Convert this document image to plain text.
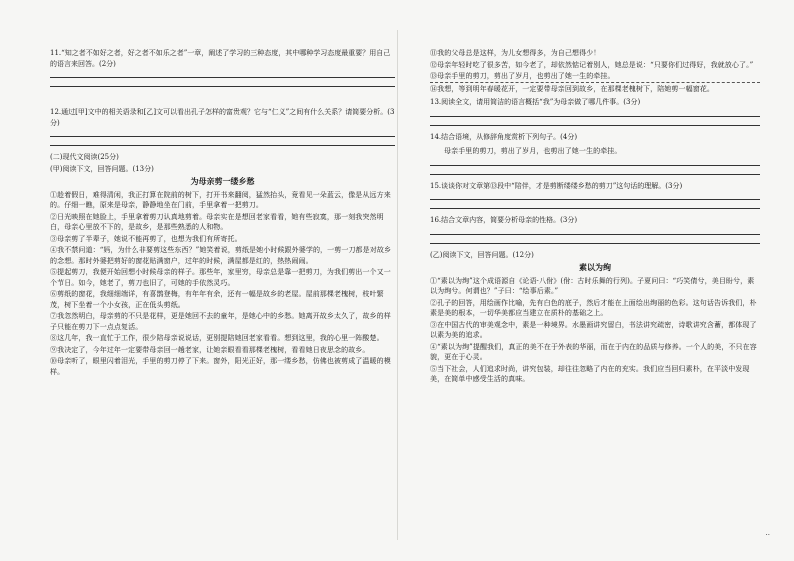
11.“知之者不如好之者，好之者不如乐之者”一章，阐述了学习的三种态度，其中哪种学习态度最重要？用自己的语言来回答。(2分)
12.通过[甲]文中的相关语录和[乙]文可以看出孔子怎样的富贵观？它与“仁义”之间有什么关系？请简要分析。(3分)
(二)现代文阅读(25分)
(甲)阅读下文，回答问题。(13分)
为母亲剪一缕乡愁
①趁着假日，难得清闲，我正打算在院前的树下，打开书来翻阅，猛然抬头，竟看见一朵蓝云，像是从远方来的。仔细一瞧，原来是母亲，静静地坐在门前，手里拿着一把剪刀。
②日光映照在她脸上，手里拿着剪刀认真地剪着。母亲实在是想回老家看看，她有些寂寞，那一刻我突然明白，母亲心里放不下的，是故乡，是那些熟悉的人和物。
③母亲剪了半辈子，她说不能再剪了，也想为我们有所寄托。
④我不禁问道：“妈，为什么非要剪这些东西？”她笑着说，剪纸是她小时候跟外婆学的，一剪一刀都是对故乡的念想。那时外婆把剪好的窗花贴满窗户，过年的时候，满屋都是红的，热热闹闹。
⑤提起剪刀，我便开始回想小时候母亲的样子。那些年，家里穷，母亲总是靠一把剪刀，为我们剪出一个又一个节日。如今，她老了，剪刀也旧了，可她的手依然灵巧。
⑥剪纸的窗花，我细细端详，有喜鹊登梅，有年年有余，还有一幅是故乡的老屋。屋前那棵老槐树，枝叶繁茂，树下坐着一个小女孩，正在低头剪纸。
⑦我忽然明白，母亲剪的不只是花样，更是她回不去的童年，是她心中的乡愁。她离开故乡太久了，故乡的样子只能在剪刀下一点点复活。
⑧这几年，我一直忙于工作，很少陪母亲说说话，更别提陪她回老家看看。想到这里，我的心里一阵酸楚。
⑨我决定了，今年过年一定要带母亲回一趟老家，让她亲眼看看那棵老槐树，看看她日夜思念的故乡。
⑩母亲听了，眼里闪着泪光，手里的剪刀停了下来。窗外，阳光正好，那一缕乡愁，仿佛也被剪成了温暖的模样。
⑪我的父母总是这样，为儿女想得多，为自己想得少！
⑫母亲年轻时吃了很多苦，如今老了，却依然惦记着别人，她总是说：“只要你们过得好，我就放心了。”
⑬母亲手里的剪刀，剪出了岁月，也剪出了她一生的牵挂。
⑭我想，等到明年春暖花开，一定要带母亲回到故乡，在那棵老槐树下，陪她剪一幅窗花。
13.阅读全文，请用简洁的语言概括“我”为母亲做了哪几件事。(3分)
14.结合语境，从修辞角度赏析下列句子。(4分)
母亲手里的剪刀，剪出了岁月，也剪出了她一生的牵挂。
15.谈谈你对文章第⑬段中“陪伴，才是剪断缕缕乡愁的剪刀”这句话的理解。(3分)
16.结合文章内容，简要分析母亲的性格。(3分)
(乙)阅读下文，回答问题。(12分)
素以为绚
①“素以为绚”这个成语源自《论语·八佾》(佾：古时乐舞的行列)。子夏问曰：“巧笑倩兮，美目盼兮，素以为绚兮。何谓也？”子曰：“绘事后素。”
②孔子的回答，用绘画作比喻，先有白色的底子，然后才能在上面绘出绚丽的色彩。这句话告诉我们，朴素是美的根本，一切华美都应当建立在质朴的基础之上。
③在中国古代的审美观念中，素是一种境界。水墨画讲究留白，书法讲究疏密，诗歌讲究含蓄，都体现了以素为美的追求。
④“素以为绚”提醒我们，真正的美不在于外表的华丽，而在于内在的品质与修养。一个人的美，不只在容貌，更在于心灵。
⑤当下社会，人们追求时尚，讲究包装，却往往忽略了内在的充实。我们应当回归素朴，在平淡中发现美，在简单中感受生活的真味。
··
